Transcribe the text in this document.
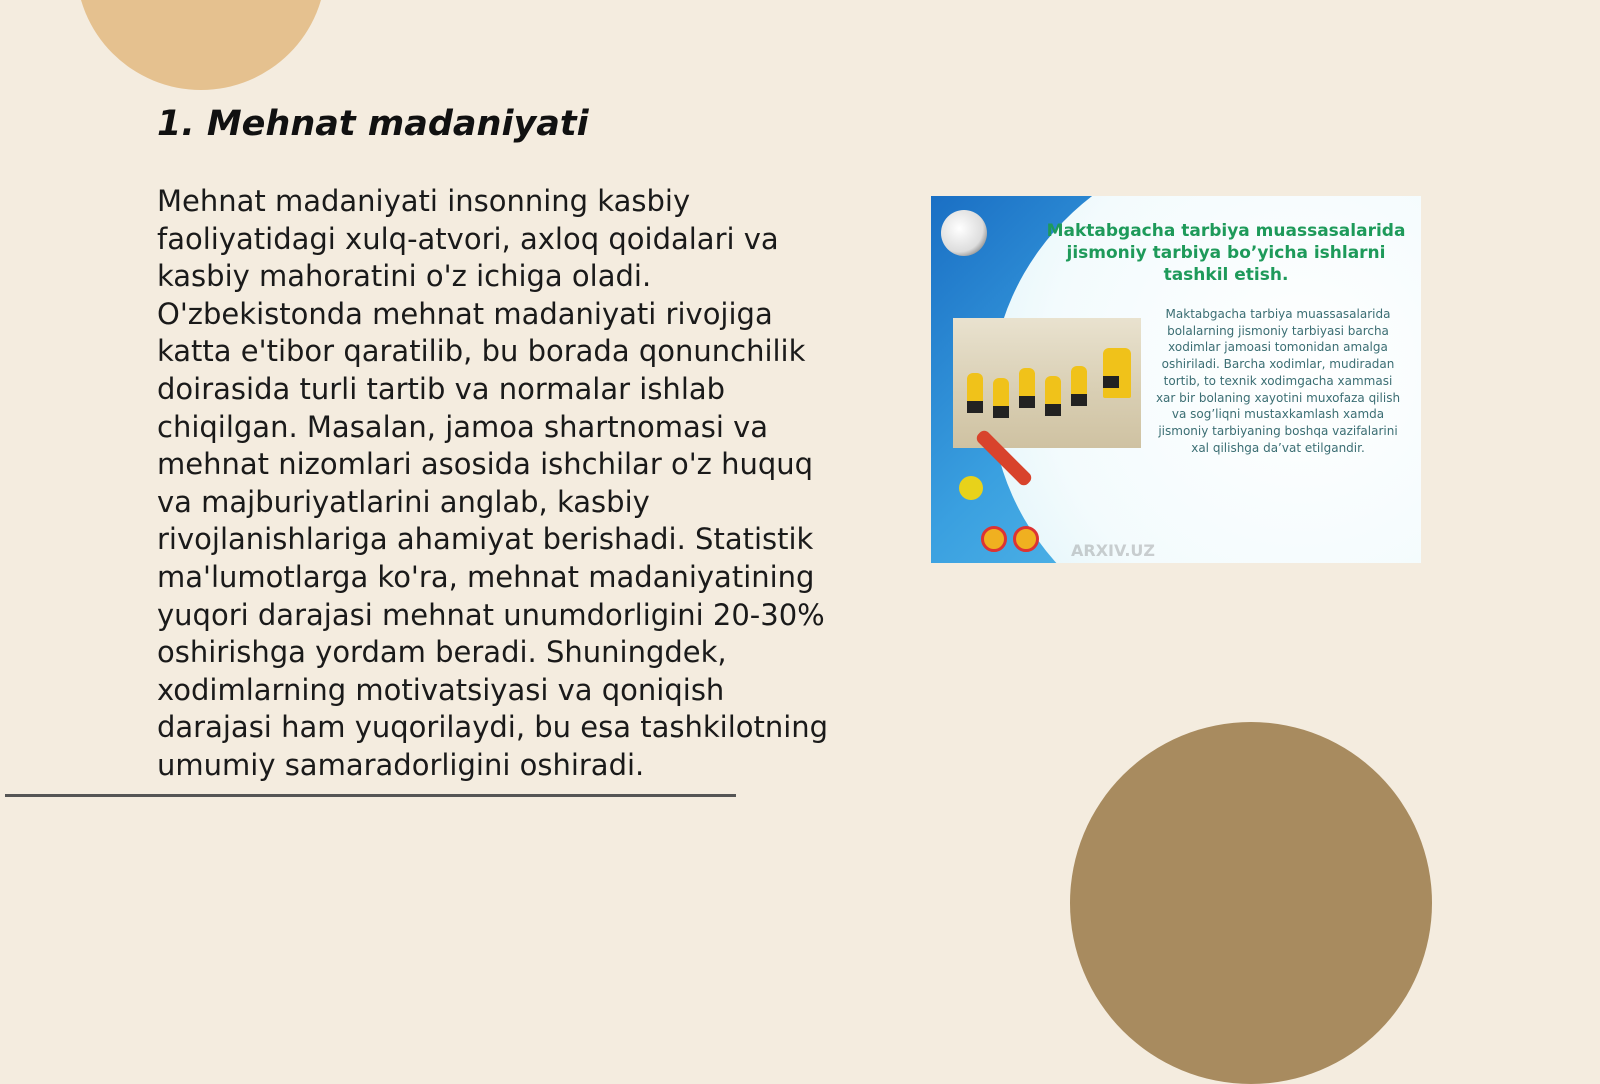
1. Mehnat madaniyati

Mehnat madaniyati insonning kasbiy faoliyatidagi xulq-atvori, axloq qoidalari va kasbiy mahoratini o'z ichiga oladi. O'zbekistonda mehnat madaniyati rivojiga katta e'tibor qaratilib, bu borada qonunchilik doirasida turli tartib va normalar ishlab chiqilgan. Masalan, jamoa shartnomasi va mehnat nizomlari asosida ishchilar o'z huquq va majburiyatlarini anglab, kasbiy rivojlanishlariga ahamiyat berishadi. Statistik ma'lumotlarga ko'ra, mehnat madaniyatining yuqori darajasi mehnat unumdorligini 20-30% oshirishga yordam beradi. Shuningdek, xodimlarning motivatsiyasi va qoniqish darajasi ham yuqorilaydi, bu esa tashkilotning umumiy samaradorligini oshiradi.

Maktabgacha tarbiya muassasalarida jismoniy tarbiya bo’yicha ishlarni tashkil etish.
Maktabgacha tarbiya muassasalarida bolalarning jismoniy tarbiyasi barcha xodimlar jamoasi tomonidan amalga oshiriladi. Barcha xodimlar, mudiradan tortib, to texnik xodimgacha xammasi xar bir bolaning xayotini muxofaza qilish va sog’liqni mustaxkamlash xamda jismoniy tarbiyaning boshqa vazifalarini xal qilishga da’vat etilgandir.
ARXIV.UZ
